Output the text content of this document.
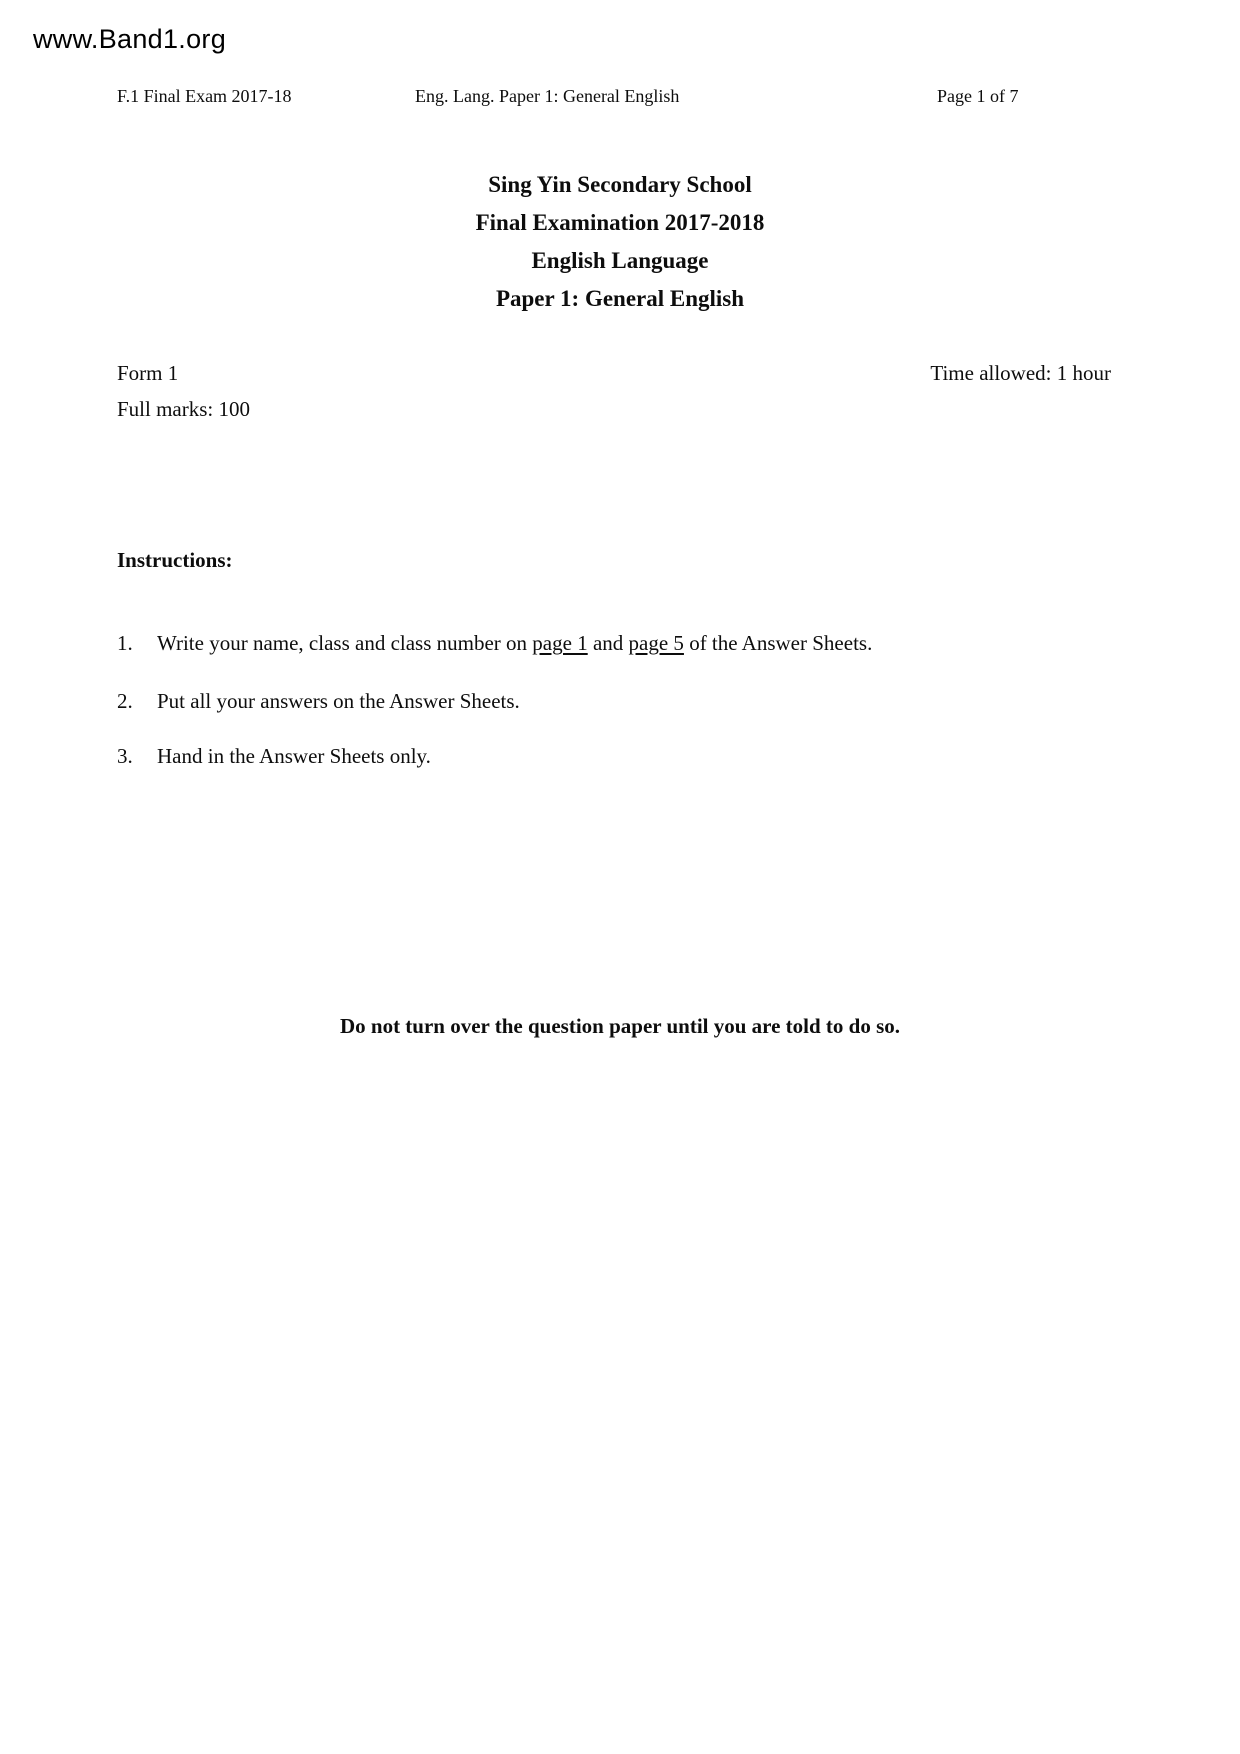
www.Band1.org
F.1 Final Exam 2017-18	Eng. Lang. Paper 1: General English	Page 1 of 7
Sing Yin Secondary School
Final Examination 2017-2018
English Language
Paper 1: General English
Form 1	Time allowed: 1 hour
Full marks: 100
Instructions:
1. Write your name, class and class number on page 1 and page 5 of the Answer Sheets.
2. Put all your answers on the Answer Sheets.
3. Hand in the Answer Sheets only.
Do not turn over the question paper until you are told to do so.
